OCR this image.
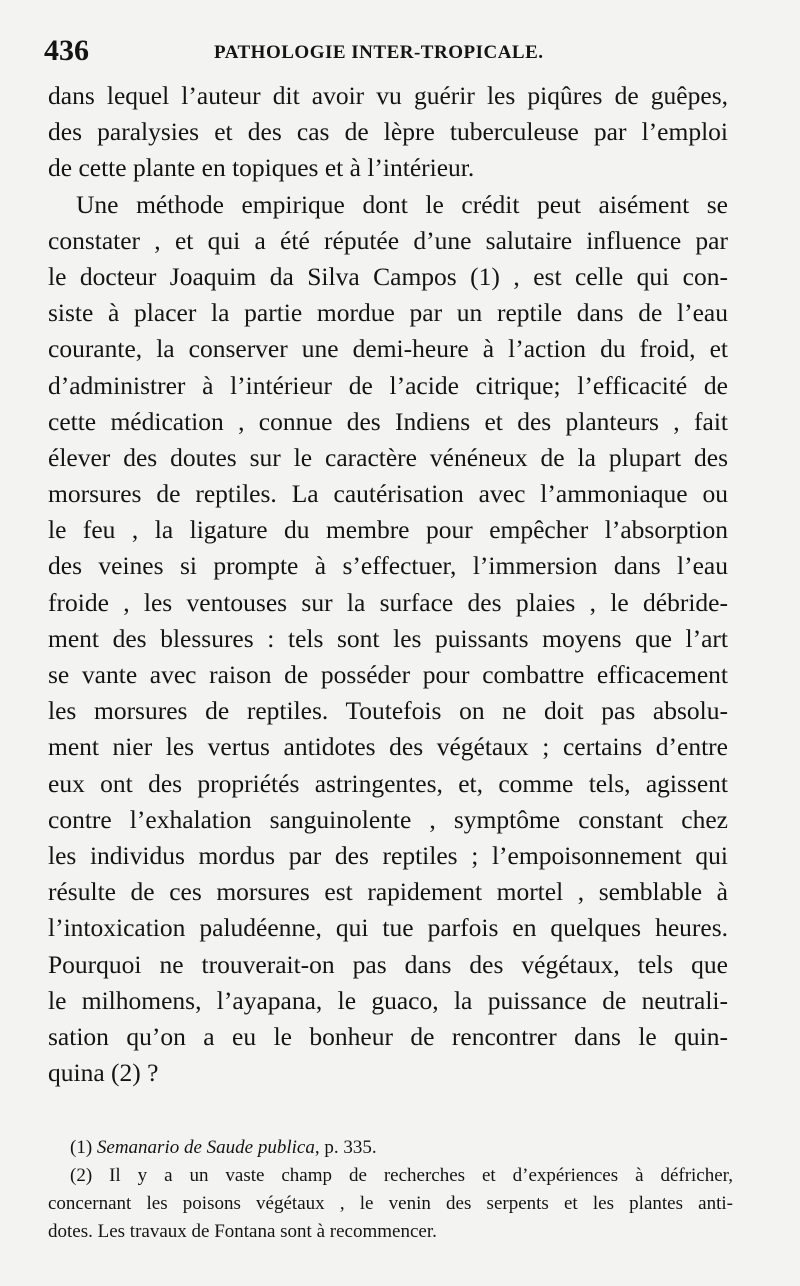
436	PATHOLOGIE INTER-TROPICALE.
dans lequel l’auteur dit avoir vu guérir les piqûres de guêpes,
des paralysies et des cas de lèpre tuberculeuse par l’emploi
de cette plante en topiques et à l’intérieur.
Une méthode empirique dont le crédit peut aisément se
constater , et qui a été réputée d’une salutaire influence par
le docteur Joaquim da Silva Campos (1) , est celle qui con-
siste à placer la partie mordue par un reptile dans de l’eau
courante, la conserver une demi-heure à l’action du froid, et
d’administrer à l’intérieur de l’acide citrique; l’efficacité de
cette médication , connue des Indiens et des planteurs , fait
élever des doutes sur le caractère vénéneux de la plupart des
morsures de reptiles. La cautérisation avec l’ammoniaque ou
le feu , la ligature du membre pour empêcher l’absorption
des veines si prompte à s’effectuer, l’immersion dans l’eau
froide , les ventouses sur la surface des plaies , le débride-
ment des blessures : tels sont les puissants moyens que l’art
se vante avec raison de posséder pour combattre efficacement
les morsures de reptiles. Toutefois on ne doit pas absolu-
ment nier les vertus antidotes des végétaux ; certains d’entre
eux ont des propriétés astringentes, et, comme tels, agissent
contre l’exhalation sanguinolente , symptôme constant chez
les individus mordus par des reptiles ; l’empoisonnement qui
résulte de ces morsures est rapidement mortel , semblable à
l’intoxication paludéenne, qui tue parfois en quelques heures.
Pourquoi ne trouverait-on pas dans des végétaux, tels que
le milhomens, l’ayapana, le guaco, la puissance de neutrali-
sation qu’on a eu le bonheur de rencontrer dans le quin-
quina (2) ?
(1) Semanario de Saude publica, p. 335.
(2) Il y a un vaste champ de recherches et d’expériences à défricher,
concernant les poisons végétaux , le venin des serpents et les plantes anti-
dotes. Les travaux de Fontana sont à recommencer.
